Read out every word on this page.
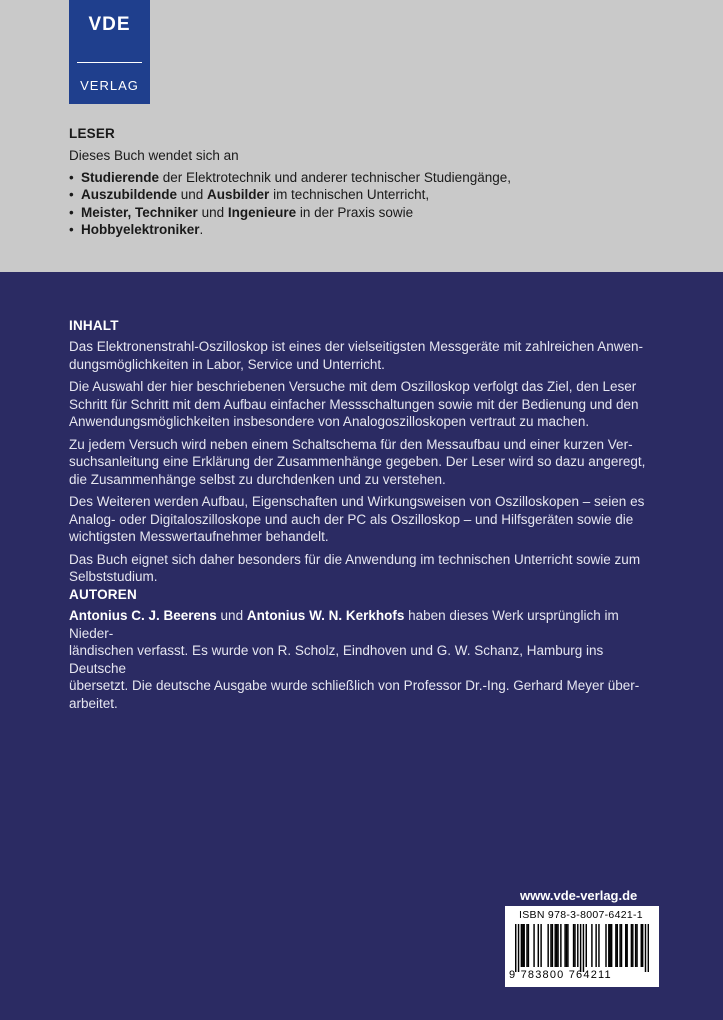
VDE
VERLAG
LESER

Dieses Buch wendet sich an

• Studierende der Elektrotechnik und anderer technischer Studiengänge,
• Auszubildende und Ausbilder im technischen Unterricht,
• Meister, Techniker und Ingenieure in der Praxis sowie
• Hobbyelektroniker.
INHALT

Das Elektronenstrahl-Oszilloskop ist eines der vielseitigsten Messgeräte mit zahlreichen Anwen-
dungsmöglichkeiten in Labor, Service und Unterricht.

Die Auswahl der hier beschriebenen Versuche mit dem Oszilloskop verfolgt das Ziel, den Leser
Schritt für Schritt mit dem Aufbau einfacher Messschaltungen sowie mit der Bedienung und den
Anwendungsmöglichkeiten insbesondere von Analogoszilloskopen vertraut zu machen.

Zu jedem Versuch wird neben einem Schaltschema für den Messaufbau und einer kurzen Ver-
suchsanleitung eine Erklärung der Zusammenhänge gegeben. Der Leser wird so dazu angeregt,
die Zusammenhänge selbst zu durchdenken und zu verstehen.

Des Weiteren werden Aufbau, Eigenschaften und Wirkungsweisen von Oszilloskopen – seien es
Analog- oder Digitaloszilloskope und auch der PC als Oszilloskop – und Hilfsgeräten sowie die
wichtigsten Messwertaufnehmer behandelt.

Das Buch eignet sich daher besonders für die Anwendung im technischen Unterricht sowie zum
Selbststudium.

AUTOREN

Antonius C. J. Beerens und Antonius W. N. Kerkhofs haben dieses Werk ursprünglich im Nieder-
ländischen verfasst. Es wurde von R. Scholz, Eindhoven und G. W. Schanz, Hamburg ins Deutsche
übersetzt. Die deutsche Ausgabe wurde schließlich von Professor Dr.-Ing. Gerhard Meyer über-
arbeitet.

www.vde-verlag.de
ISBN 978-3-8007-6421-1
9 783800 764211
